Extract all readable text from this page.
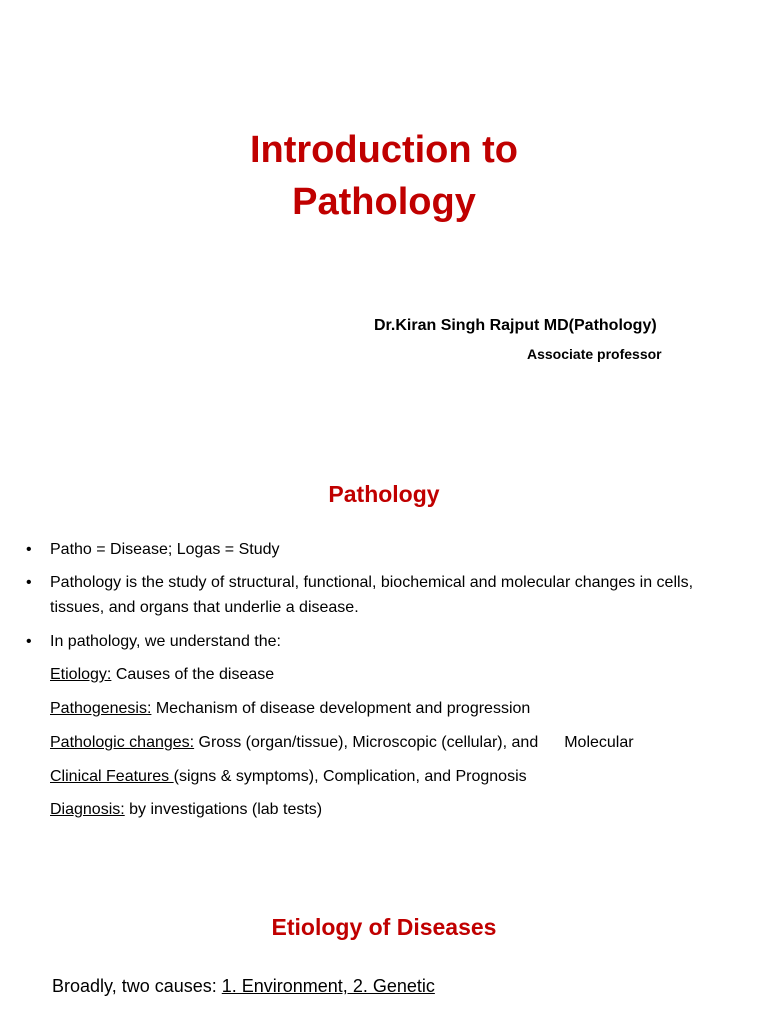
Introduction to
Pathology
Dr.Kiran Singh Rajput MD(Pathology)
Associate professor
Pathology
• Patho = Disease; Logas = Study
• Pathology is the study of structural, functional, biochemical and molecular changes in cells, tissues, and organs that underlie a disease.
• In pathology, we understand the:
Etiology: Causes of the disease
Pathogenesis: Mechanism of disease development and progression
Pathologic changes: Gross (organ/tissue), Microscopic (cellular), and Molecular
Clinical Features (signs & symptoms), Complication, and Prognosis
Diagnosis: by investigations (lab tests)
Etiology of Diseases
Broadly, two causes: 1. Environment, 2. Genetic
